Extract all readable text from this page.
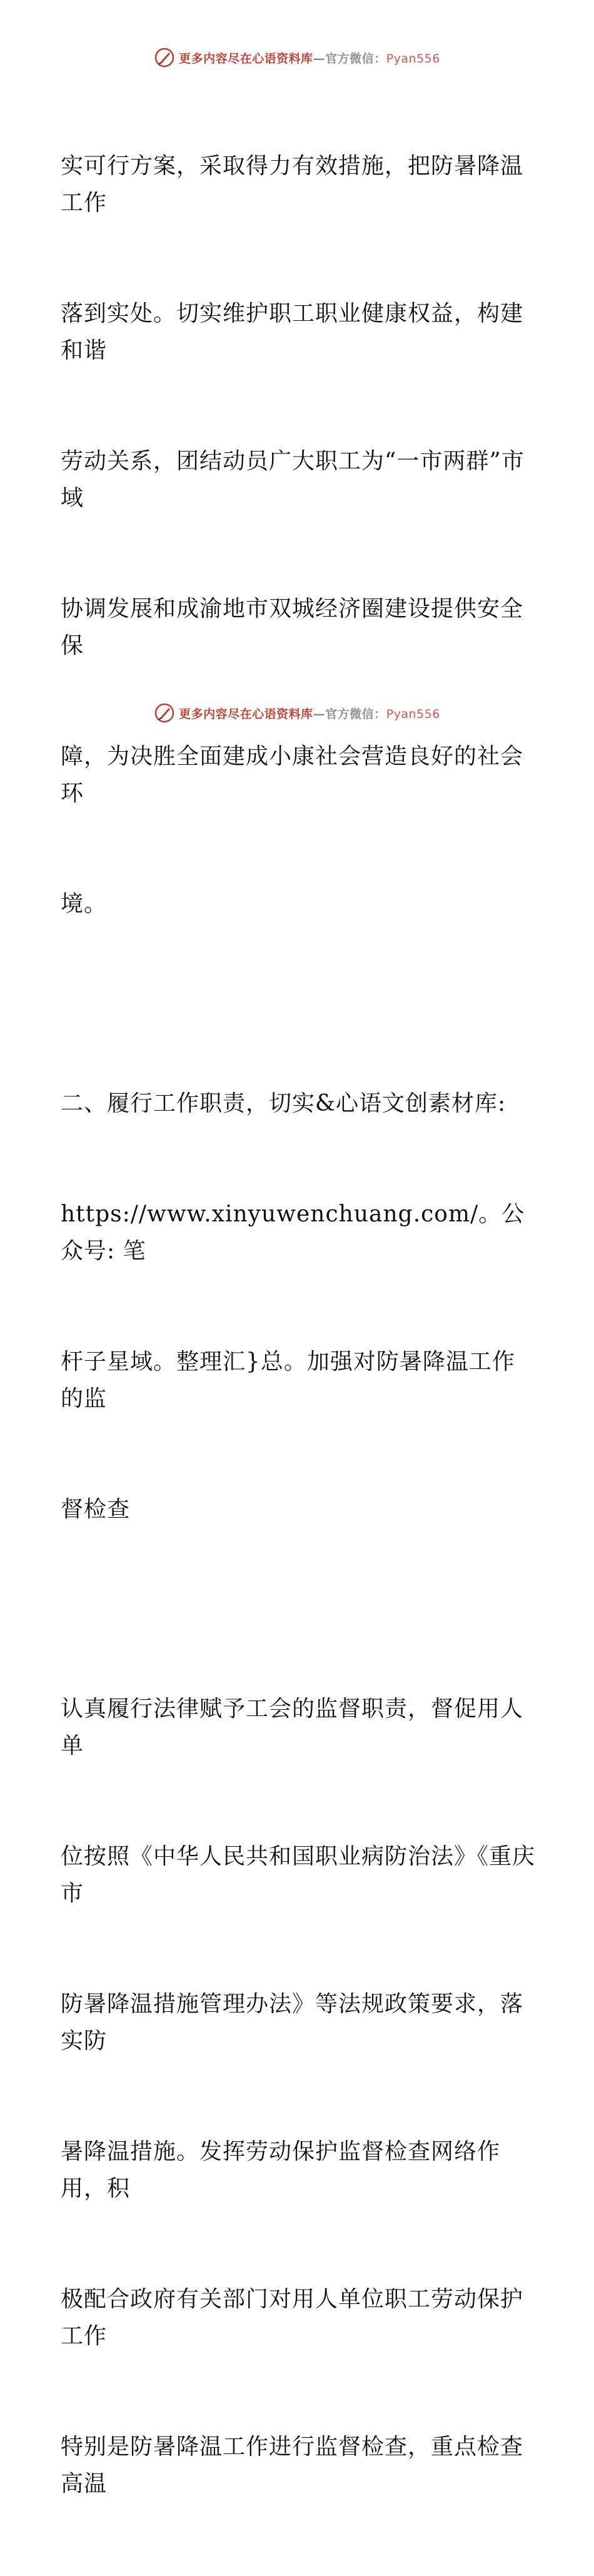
更多内容尽在心语资料库—官方微信：Pyan556

实可行方案，采取得力有效措施，把防暑降温工作

落到实处。切实维护职工职业健康权益，构建和谐

劳动关系，团结动员广大职工为“一市两群”市域

协调发展和成渝地市双城经济圈建设提供安全保

障，为决胜全面建成小康社会营造良好的社会环

境。

二、履行工作职责，切实&心语文创素材库:

https://www.xinyuwenchuang.com/。公众号: 笔

杆子星域。整理汇}总。加强对防暑降温工作的监

督检查

认真履行法律赋予工会的监督职责，督促用人单

位按照《中华人民共和国职业病防治法》《重庆市

防暑降温措施管理办法》等法规政策要求，落实防

暑降温措施。发挥劳动保护监督检查网络作用，积

极配合政府有关部门对用人单位职工劳动保护工作

特别是防暑降温工作进行监督检查，重点检查高温

更多内容尽在心语资料库—官方微信：Pyan556
